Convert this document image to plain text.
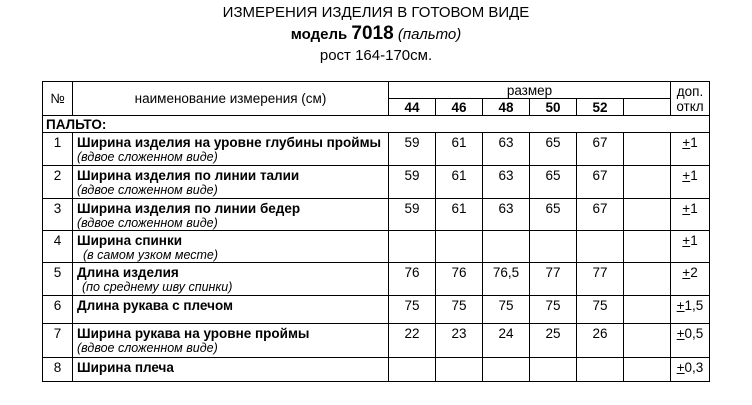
ИЗМЕРЕНИЯ ИЗДЕЛИЯ В ГОТОВОМ ВИДЕ
модель 7018 (пальто)
рост 164-170см.
№	наименование измерения (см)	размер						доп.
откл
		44	46	48	50	52		
ПАЛЬТО:								
1	Ширина изделия на уровне глубины проймы
(вдвое сложенном виде)	59	61	63	65	67		+1
2	Ширина изделия по линии талии
(вдвое сложенном виде)	59	61	63	65	67		+1
3	Ширина изделия по линии бедер
(вдвое сложенном виде)	59	61	63	65	67		+1
4	Ширина спинки
(в самом узком месте)							+1
5	Длина изделия
(по среднему шву спинки)	76	76	76,5	77	77		+2
6	Длина рукава с плечом	75	75	75	75	75		+1,5
7	Ширина рукава на уровне проймы
(вдвое сложенном виде)	22	23	24	25	26		+0,5
8	Ширина плеча							+0,3
